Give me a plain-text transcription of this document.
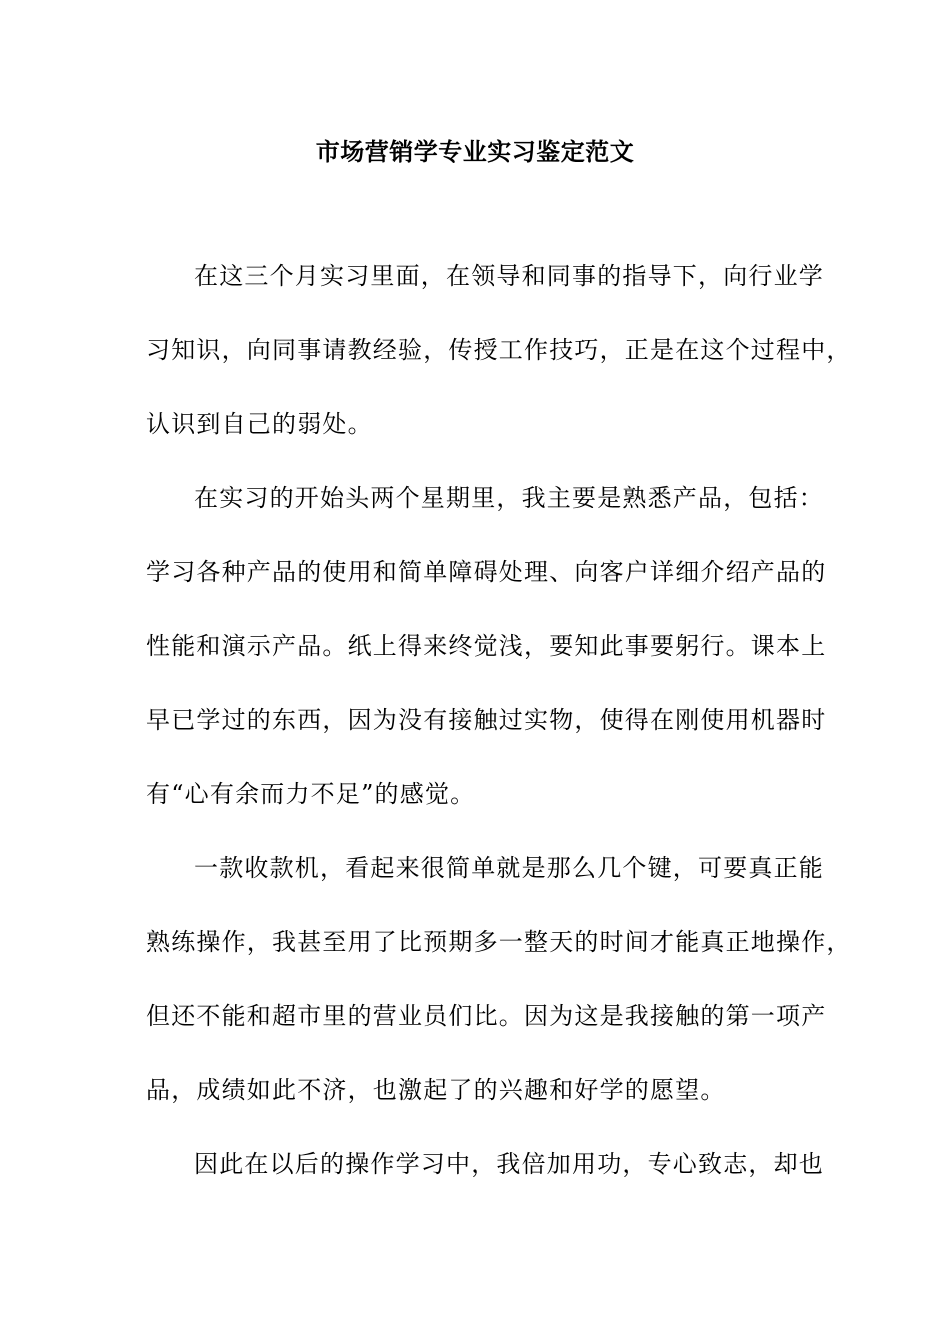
市场营销学专业实习鉴定范文
在这三个月实习里面，在领导和同事的指导下，向行业学
习知识，向同事请教经验，传授工作技巧，正是在这个过程中，
认识到自己的弱处。
在实习的开始头两个星期里，我主要是熟悉产品，包括：
学习各种产品的使用和简单障碍处理、向客户详细介绍产品的
性能和演示产品。纸上得来终觉浅，要知此事要躬行。课本上
早已学过的东西，因为没有接触过实物，使得在刚使用机器时
有“心有余而力不足”的感觉。
一款收款机，看起来很简单就是那么几个键，可要真正能
熟练操作，我甚至用了比预期多一整天的时间才能真正地操作，
但还不能和超市里的营业员们比。因为这是我接触的第一项产
品，成绩如此不济，也激起了的兴趣和好学的愿望。
因此在以后的操作学习中，我倍加用功，专心致志，却也
